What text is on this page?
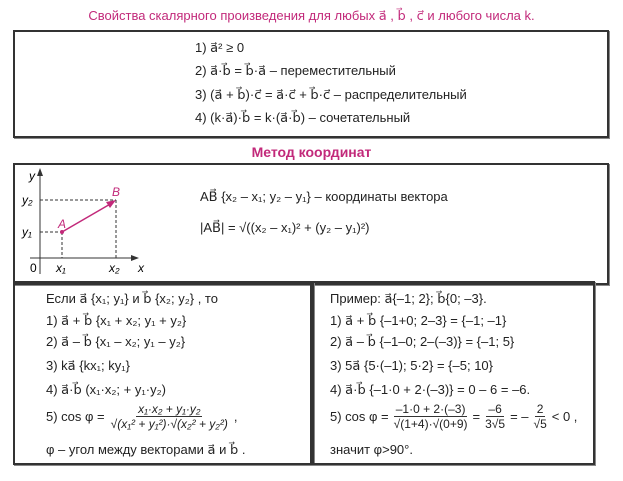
Свойства скалярного произведения для любых a⃗ , b⃗ , c⃗ и любого числа k.
1) a⃗² ≥ 0
2) a⃗·b⃗ = b⃗·a⃗ – переместительный
3) (a⃗ + b⃗)·c⃗ = a⃗·c⃗ + b⃗·c⃗ – распределительный
4) (k·a⃗)·b⃗ = k·(a⃗·b⃗) – сочетательный
Метод координат
y
x
0
y₂
y₁
x₁	x₂
A
B	AB⃗ {x₂ – x₁; y₂ – y₁} – координаты вектора
|AB⃗| = √((x₂ – x₁)² + (y₂ – y₁)²)
Если a⃗ {x₁; y₁} и b⃗ {x₂; y₂} , то
1) a⃗ + b⃗ {x₁ + x₂; y₁ + y₂}
2) a⃗ – b⃗ {x₁ – x₂; y₁ – y₂}
3) ka⃗ {kx₁; ky₁}
4) a⃗·b⃗ (x₁·x₂; + y₁·y₂)
5) $\cos \varphi = \frac{\text{x₁·x₂ + y₁·y₂}}{\text{√(x₁² + y₁²)·√(x₂² + y₂²)}}$ ,
φ – угол между векторами a⃗ и b⃗ .
Пример: a⃗{–1; 2}; b⃗{0; –3}.
1) a⃗ + b⃗ {–1+0; 2–3} = {–1; –1}
2) a⃗ – b⃗ {–1–0; 2–(–3)} = {–1; 5}
3) 5a⃗ {5·(–1); 5·2} = {–5; 10}
4) a⃗·b⃗ {–1·0 + 2·(–3)} = 0 – 6 = –6.
5) $\cos \varphi = \frac{-1\cdot 0 + 2\cdot(-3)}{√(1+4)\cdot√(0+9)} = \frac{-6}{3√5}$ = – $\frac{2}{√5} < 0$ ,
значит φ>90°.
